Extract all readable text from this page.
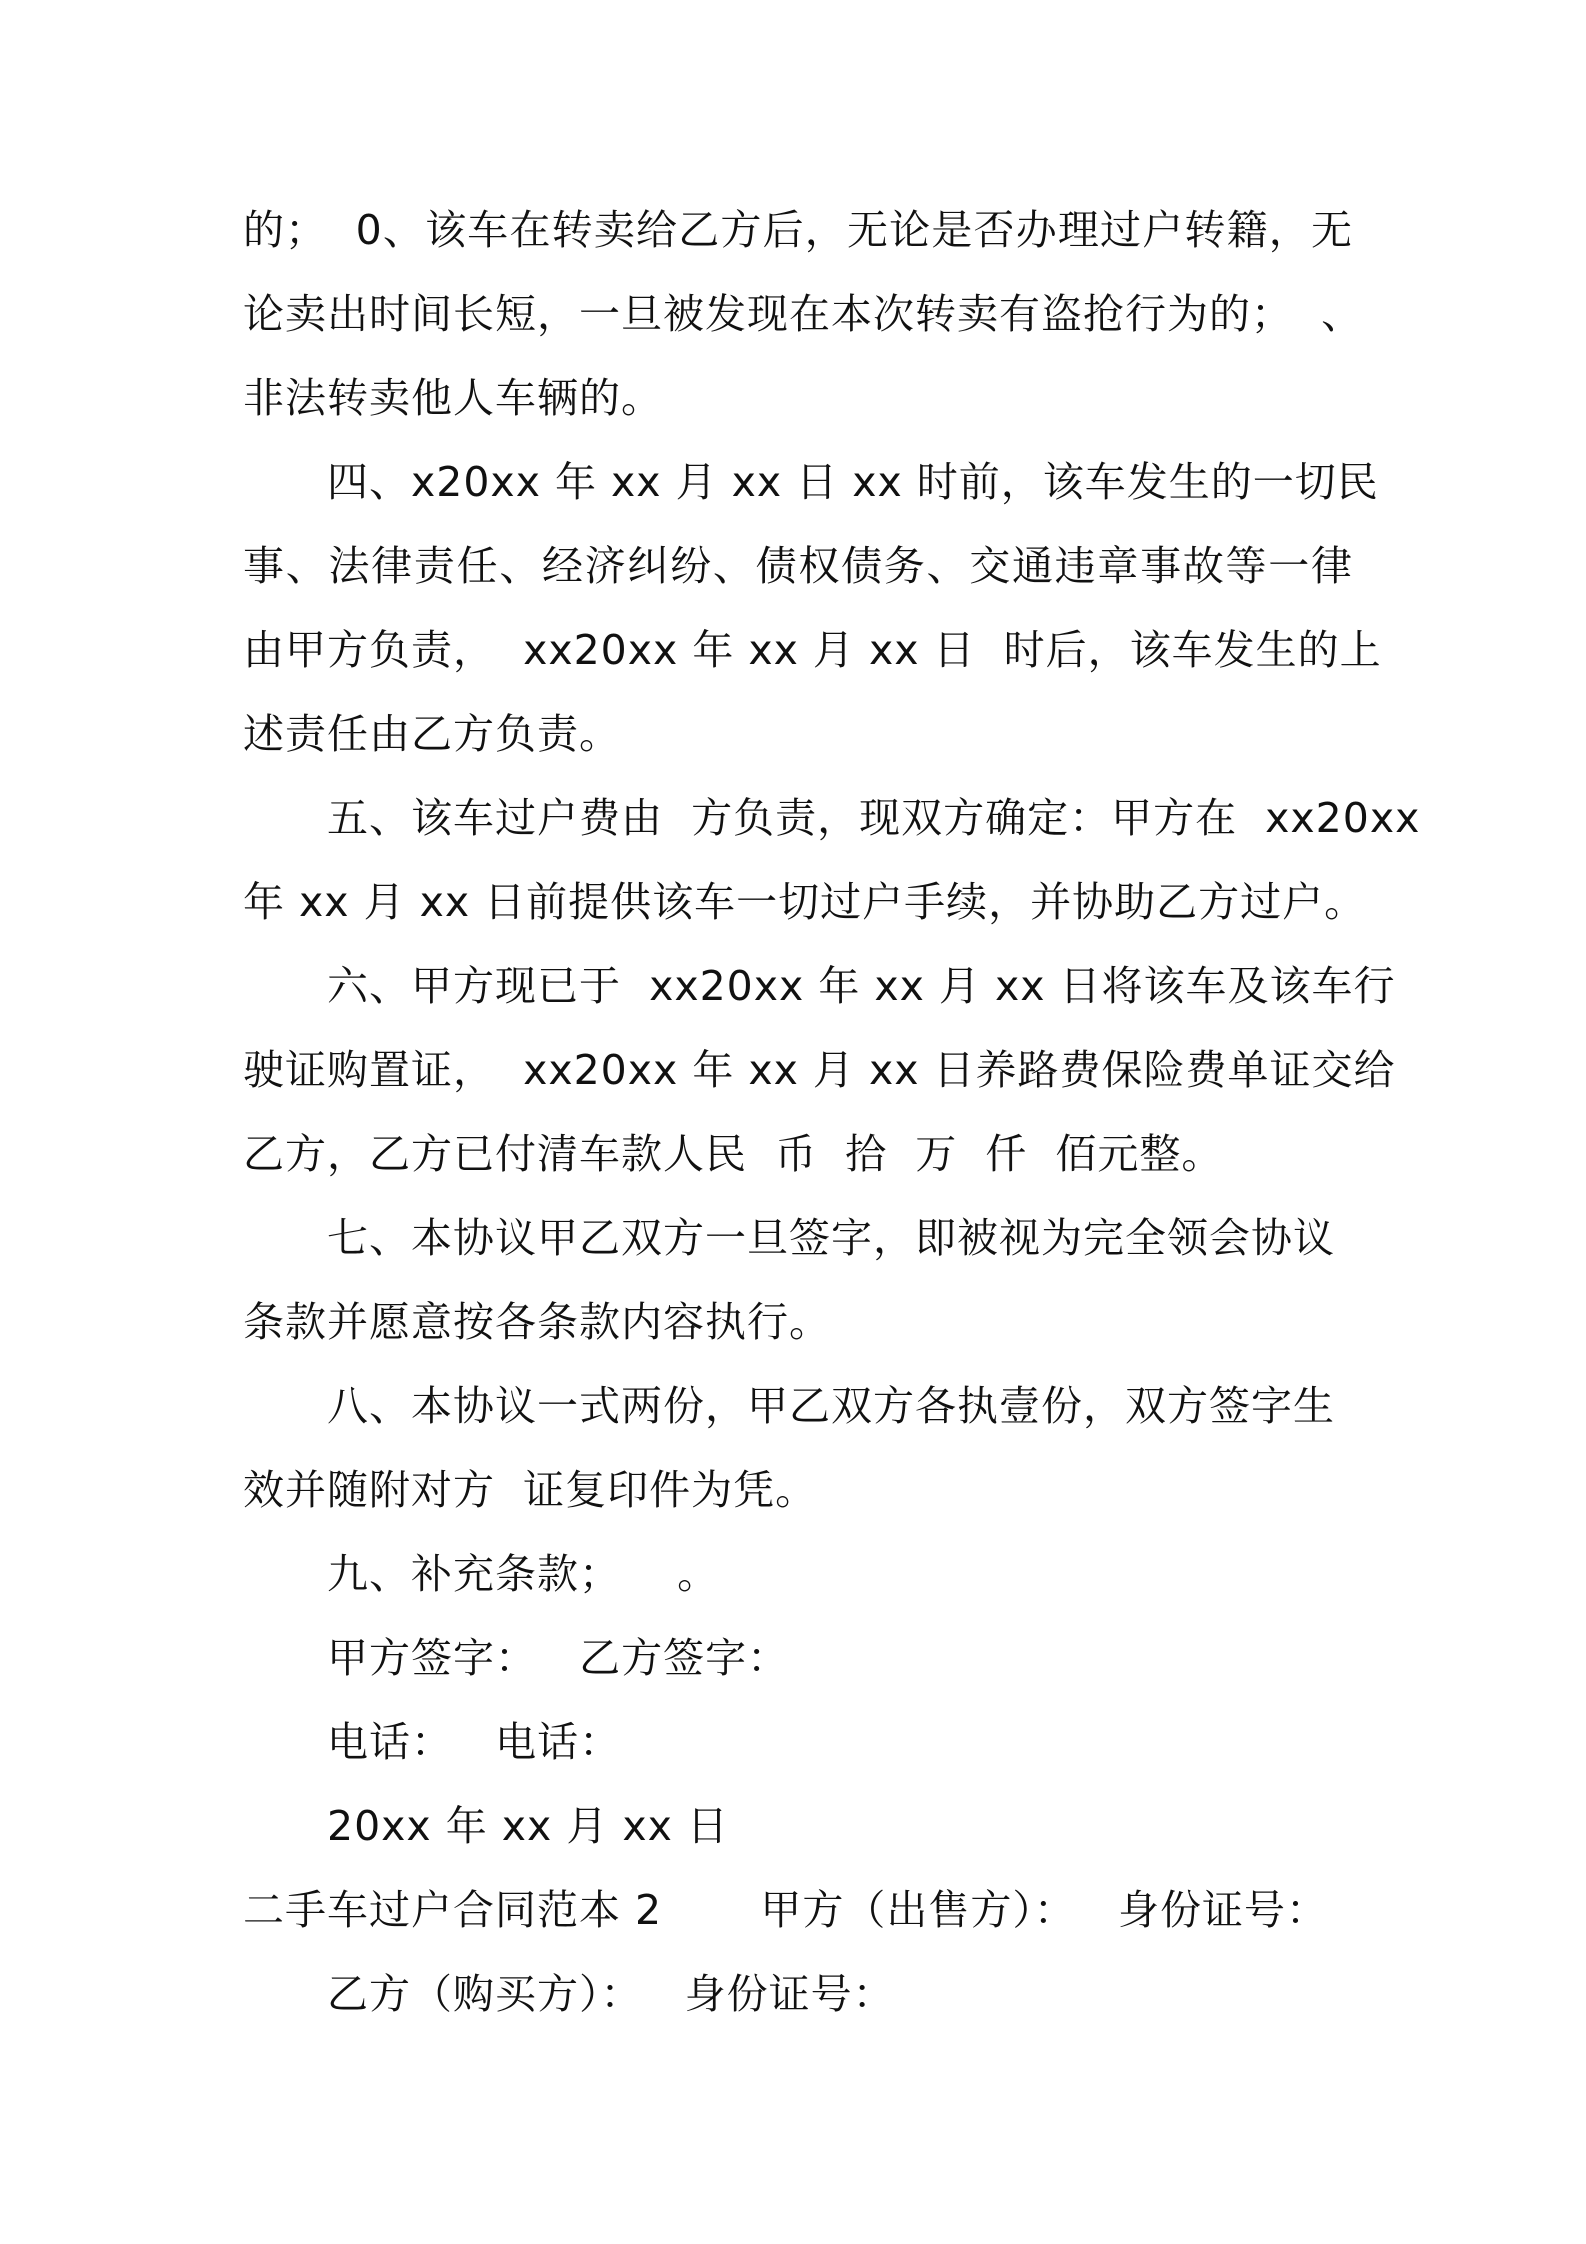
的；  0、该车在转卖给乙方后，无论是否办理过户转籍，无
论卖出时间长短，一旦被发现在本次转卖有盗抢行为的；  、
非法转卖他人车辆的。
四、x20xx 年 xx 月 xx 日 xx 时前，该车发生的一切民
事、法律责任、经济纠纷、债权债务、交通违章事故等一律
由甲方负责，  xx20xx 年 xx 月 xx 日  时后，该车发生的上
述责任由乙方负责。
五、该车过户费由  方负责，现双方确定：甲方在  xx20xx
年 xx 月 xx 日前提供该车一切过户手续，并协助乙方过户。
六、甲方现已于  xx20xx 年 xx 月 xx 日将该车及该车行
驶证购置证，  xx20xx 年 xx 月 xx 日养路费保险费单证交给
乙方，乙方已付清车款人民  币  拾  万  仟  佰元整。
七、本协议甲乙双方一旦签字，即被视为完全领会协议
条款并愿意按各条款内容执行。
八、本协议一式两份，甲乙双方各执壹份，双方签字生
效并随附对方  证复印件为凭。
九、补充条款；    。
甲方签字：   乙方签字：
电话：   电话：
20xx 年 xx 月 xx 日
二手车过户合同范本 2       甲方（出售方）：   身份证号：
乙方（购买方）：   身份证号：
